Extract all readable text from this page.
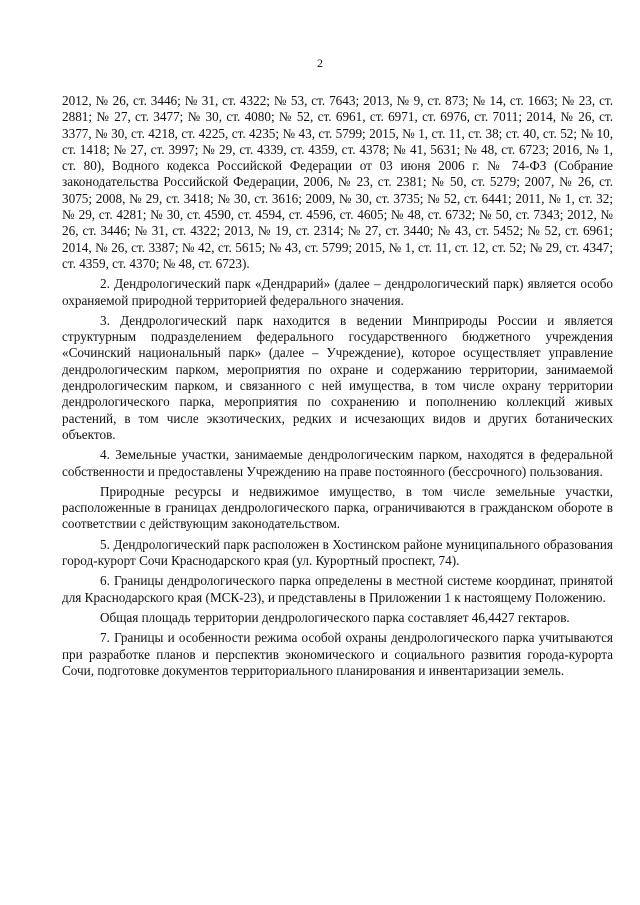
2

2012, № 26, ст. 3446; № 31, ст. 4322; № 53, ст. 7643; 2013, № 9, ст. 873; № 14, ст. 1663; № 23, ст. 2881; № 27, ст. 3477; № 30, ст. 4080; № 52, ст. 6961, ст. 6971, ст. 6976, ст. 7011; 2014, № 26, ст. 3377, № 30, ст. 4218, ст. 4225, ст. 4235; № 43, ст. 5799; 2015, № 1, ст. 11, ст. 38; ст. 40, ст. 52; № 10, ст. 1418; № 27, ст. 3997; № 29, ст. 4339, ст. 4359, ст. 4378; № 41, 5631; № 48, ст. 6723; 2016, № 1, ст. 80), Водного кодекса Российской Федерации от 03 июня 2006 г. № 74-ФЗ (Собрание законодательства Российской Федерации, 2006, № 23, ст. 2381; № 50, ст. 5279; 2007, № 26, ст. 3075; 2008, № 29, ст. 3418; № 30, ст. 3616; 2009, № 30, ст. 3735; № 52, ст. 6441; 2011, № 1, ст. 32; № 29, ст. 4281; № 30, ст. 4590, ст. 4594, ст. 4596, ст. 4605; № 48, ст. 6732; № 50, ст. 7343; 2012, № 26, ст. 3446; № 31, ст. 4322; 2013, № 19, ст. 2314; № 27, ст. 3440; № 43, ст. 5452; № 52, ст. 6961; 2014, № 26, ст. 3387; № 42, ст. 5615; № 43, ст. 5799; 2015, № 1, ст. 11, ст. 12, ст. 52; № 29, ст. 4347; ст. 4359, ст. 4370; № 48, ст. 6723).

2. Дендрологический парк «Дендрарий» (далее – дендрологический парк) является особо охраняемой природной территорией федерального значения.

3. Дендрологический парк находится в ведении Минприроды России и является структурным подразделением федерального государственного бюджетного учреждения «Сочинский национальный парк» (далее – Учреждение), которое осуществляет управление дендрологическим парком, мероприятия по охране и содержанию территории, занимаемой дендрологическим парком, и связанного с ней имущества, в том числе охрану территории дендрологического парка, мероприятия по сохранению и пополнению коллекций живых растений, в том числе экзотических, редких и исчезающих видов и других ботанических объектов.

4. Земельные участки, занимаемые дендрологическим парком, находятся в федеральной собственности и предоставлены Учреждению на праве постоянного (бессрочного) пользования.

Природные ресурсы и недвижимое имущество, в том числе земельные участки, расположенные в границах дендрологического парка, ограничиваются в гражданском обороте в соответствии с действующим законодательством.

5. Дендрологический парк расположен в Хостинском районе муниципального образования город-курорт Сочи Краснодарского края (ул. Курортный проспект, 74).

6. Границы дендрологического парка определены в местной системе координат, принятой для Краснодарского края (МСК-23), и представлены в Приложении 1 к настоящему Положению.

Общая площадь территории дендрологического парка составляет 46,4427 гектаров.

7. Границы и особенности режима особой охраны дендрологического парка учитываются при разработке планов и перспектив экономического и социального развития города-курорта Сочи, подготовке документов территориального планирования и инвентаризации земель.
